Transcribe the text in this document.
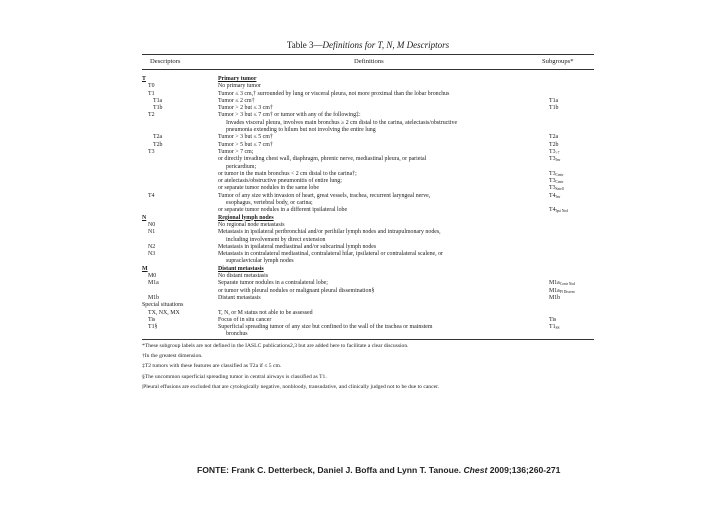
Table 3—Definitions for T, N, M Descriptors
Descriptors	Definitions	Subgroups*
T	Primary tumor
T0	No primary tumor
T1	Tumor ≤ 3 cm,† surrounded by lung or visceral pleura, not more proximal than the lobar bronchus
T1a	Tumor ≤ 2 cm†	T1a
T1b	Tumor > 2 but ≤ 3 cm†	T1b
T2	Tumor > 3 but ≤ 7 cm† or tumor with any of the following‡:
Invades visceral pleura, involves main bronchus ≥ 2 cm distal to the carina, atelectasis/obstructive
pneumonia extending to hilum but not involving the entire lung
T2a	Tumor > 3 but ≤ 5 cm†	T2a
T2b	Tumor > 5 but ≤ 7 cm†	T2b
T3	Tumor > 7 cm;	$T3_{>7}$
or directly invading chest wall, diaphragm, phrenic nerve, mediastinal pleura, or parietal	$T3_{Inv}$
pericardium;
or tumor in the main bronchus < 2 cm distal to the carina†;	$T3_{Centr}$
or atelectasis/obstructive pneumonitis of entire lung;	$T3_{Centr}$
or separate tumor nodules in the same lobe	$T3_{Satell}$
T4	Tumor of any size with invasion of heart, great vessels, trachea, recurrent laryngeal nerve,	$T4_{Inv}$
esophagus, vertebral body, or carina;
or separate tumor nodules in a different ipsilateral lobe	$T4_{Ipsi Nod}$
N	Regional lymph nodes
N0	No regional node metastasis
N1	Metastasis in ipsilateral peribronchial and/or perihilar lymph nodes and intrapulmonary nodes,
including involvement by direct extension
N2	Metastasis in ipsilateral mediastinal and/or subcarinal lymph nodes
N3	Metastasis in contralateral mediastinal, contralateral hilar, ipsilateral or contralateral scalene, or
supraclavicular lymph nodes
M	Distant metastasis
M0	No distant metastasis
M1a	Separate tumor nodules in a contralateral lobe;	$M1a_{Contr Nod}$
or tumor with pleural nodules or malignant pleural dissemination§	$M1a_{Pl Dissem}$
M1b	Distant metastasis	M1b
Special situations
TX, NX, MX	T, N, or M status not able to be assessed
Tis	Focus of in situ cancer	Tis
T1§	Superficial spreading tumor of any size but confined to the wall of the trachea or mainstem	$T1_{SS}$
bronchus
*These subgroup labels are not defined in the IASLC publications2,3 but are added here to facilitate a clear discussion.
†In the greatest dimension.
‡T2 tumors with these features are classified as T2a if ≤ 5 cm.
§The uncommon superficial spreading tumor in central airways is classified as T1.
|Pleural effusions are excluded that are cytologically negative, nonbloody, transudative, and clinically judged not to be due to cancer.
FONTE: Frank C. Detterbeck, Daniel J. Boffa and Lynn T. Tanoue. Chest 2009;136;260-271
